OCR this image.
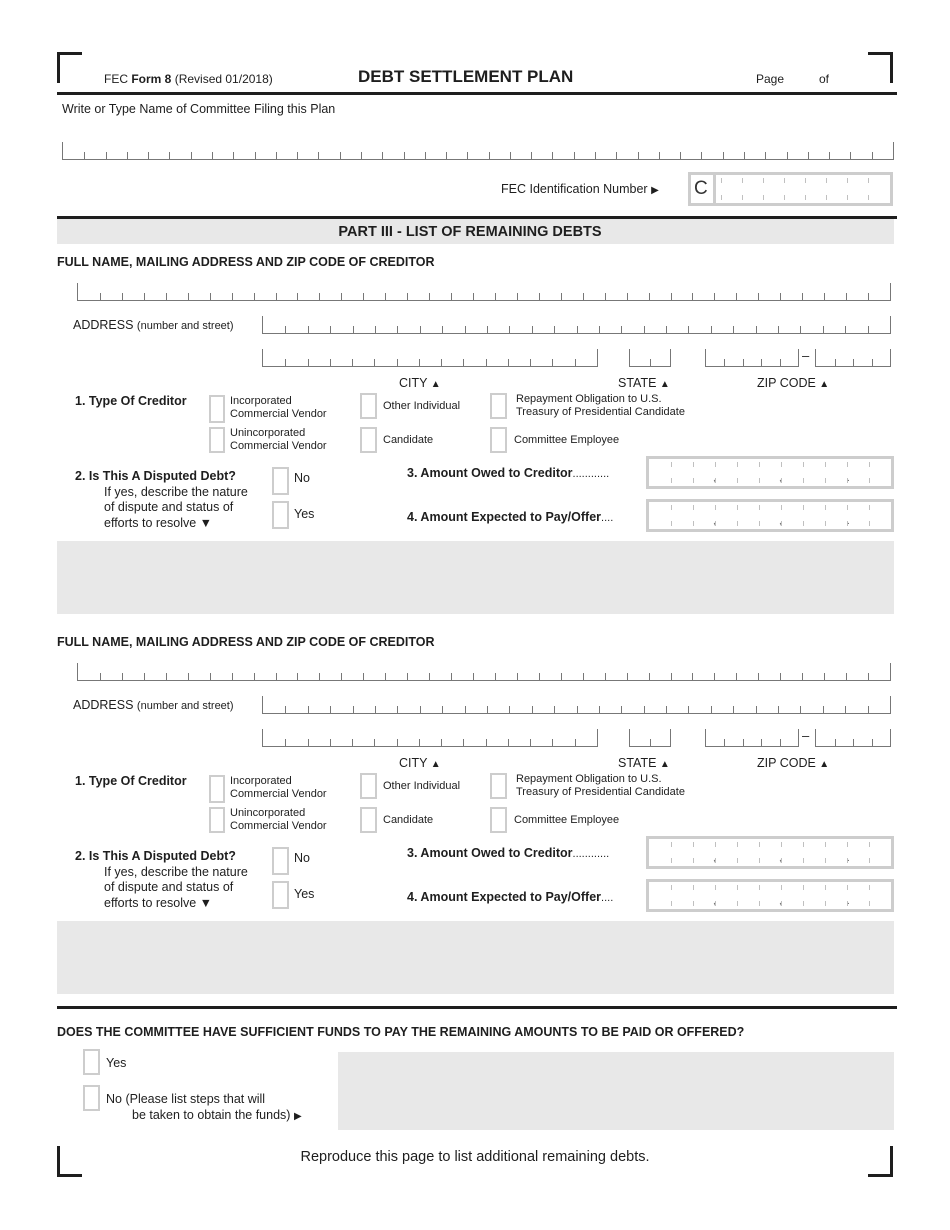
FEC Form 8 (Revised 01/2018)	DEBT SETTLEMENT PLAN	Page	of
Write or Type Name of Committee Filing this Plan
FEC Identification Number ▶ C
PART III - LIST OF REMAINING DEBTS
FULL NAME, MAILING ADDRESS AND ZIP CODE OF CREDITOR
ADDRESS (number and street)
–
CITY ▲	STATE ▲	ZIP CODE ▲
1. Type Of Creditor	Incorporated
Commercial Vendor
Unincorporated
Commercial Vendor
Other Individual
Candidate
Repayment Obligation to U.S.
Treasury of Presidential Candidate
Committee Employee
2. Is This A Disputed Debt?
If yes, describe the nature
of dispute and status of
efforts to resolve ▼
No
Yes
3. Amount Owed to Creditor............	,	,	.
4. Amount Expected to Pay/Offer....	,	,	.
FULL NAME, MAILING ADDRESS AND ZIP CODE OF CREDITOR
ADDRESS (number and street)
–
CITY ▲	STATE ▲	ZIP CODE ▲
1. Type Of Creditor	Incorporated
Commercial Vendor
Unincorporated
Commercial Vendor
Other Individual
Candidate
Repayment Obligation to U.S.
Treasury of Presidential Candidate
Committee Employee
2. Is This A Disputed Debt?
If yes, describe the nature
of dispute and status of
efforts to resolve ▼
No
Yes
3. Amount Owed to Creditor............	,	,	.
4. Amount Expected to Pay/Offer....	,	,	.
DOES THE COMMITTEE HAVE SUFFICIENT FUNDS TO PAY THE REMAINING AMOUNTS TO BE PAID OR OFFERED?
Yes
No (Please list steps that will
be taken to obtain the funds) ▶
Reproduce this page to list additional remaining debts.
